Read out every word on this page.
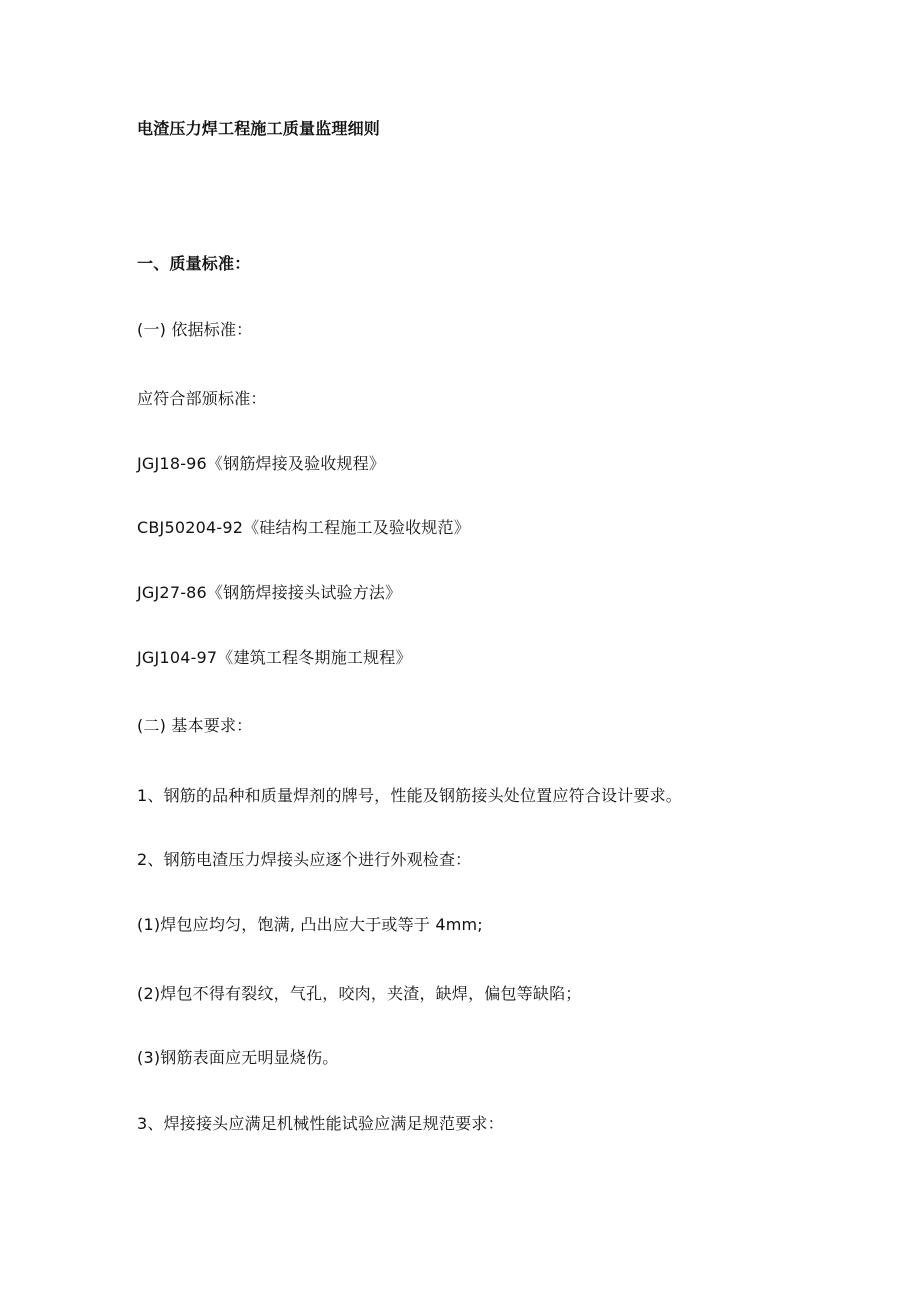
电渣压力焊工程施工质量监理细则
一、质量标准：
(一) 依据标准：
应符合部颁标准：
JGJ18-96《钢筋焊接及验收规程》
CBJ50204-92《硅结构工程施工及验收规范》
JGJ27-86《钢筋焊接接头试验方法》
JGJ104-97《建筑工程冬期施工规程》
(二) 基本要求：
1、钢筋的品种和质量焊剂的牌号，性能及钢筋接头处位置应符合设计要求。
2、钢筋电渣压力焊接头应逐个进行外观检查：
(1)焊包应均匀，饱满, 凸出应大于或等于 4mm;
(2)焊包不得有裂纹，气孔，咬肉，夹渣，缺焊，偏包等缺陷；
(3)钢筋表面应无明显烧伤。
3、焊接接头应满足机械性能试验应满足规范要求：
